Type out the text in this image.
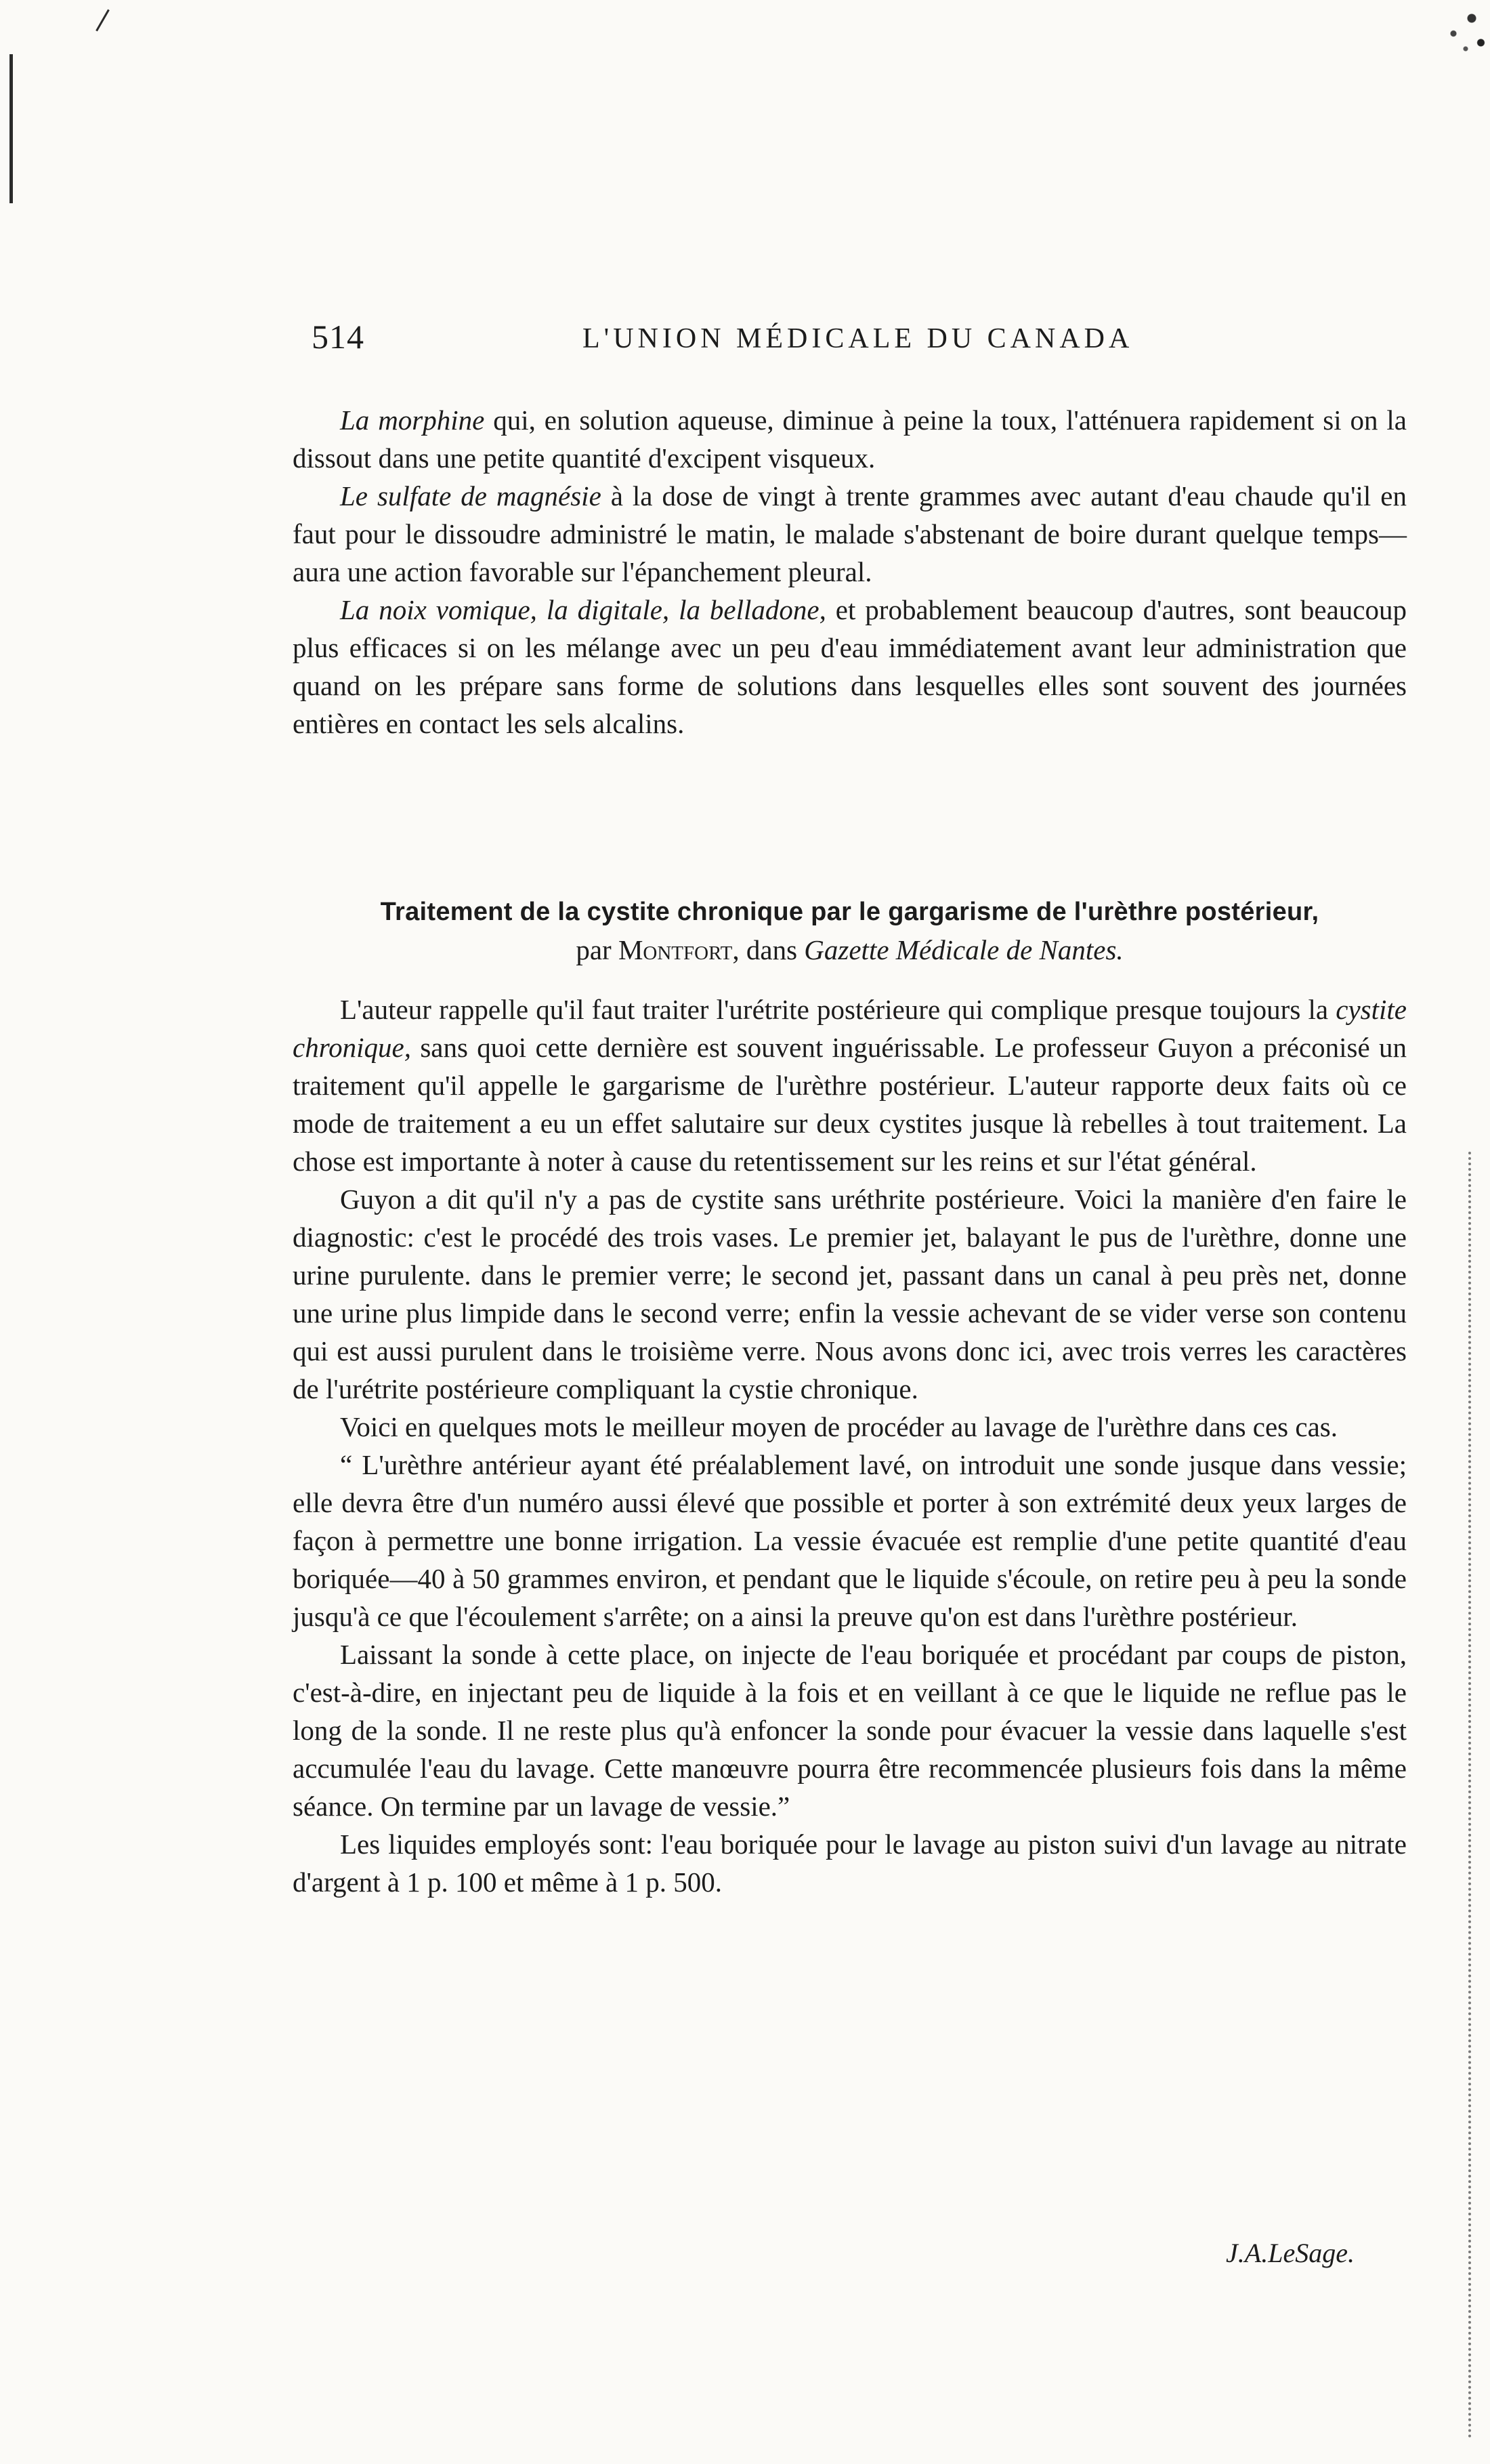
514	L'UNION MÉDICALE DU CANADA

La morphine qui, en solution aqueuse, diminue à peine la toux, l'atténuera rapidement si on la dissout dans une petite quantité d'excipent visqueux.

Le sulfate de magnésie à la dose de vingt à trente grammes avec autant d'eau chaude qu'il en faut pour le dissoudre administré le matin, le malade s'abstenant de boire durant quelque temps—aura une action favorable sur l'épanchement pleural.

La noix vomique, la digitale, la belladone, et probablement beaucoup d'autres, sont beaucoup plus efficaces si on les mélange avec un peu d'eau immédiatement avant leur administration que quand on les prépare sans forme de solutions dans lesquelles elles sont souvent des journées entières en contact les sels alcalins.

Traitement de la cystite chronique par le gargarisme de l'urèthre postérieur,
par Montfort, dans Gazette Médicale de Nantes.

L'auteur rappelle qu'il faut traiter l'urétrite postérieure qui complique presque toujours la cystite chronique, sans quoi cette dernière est souvent inguérissable. Le professeur Guyon a préconisé un traitement qu'il appelle le gargarisme de l'urèthre postérieur. L'auteur rapporte deux faits où ce mode de traitement a eu un effet salutaire sur deux cystites jusque là rebelles à tout traitement. La chose est importante à noter à cause du retentissement sur les reins et sur l'état général.

Guyon a dit qu'il n'y a pas de cystite sans uréthrite postérieure. Voici la manière d'en faire le diagnostic: c'est le procédé des trois vases. Le premier jet, balayant le pus de l'urèthre, donne une urine purulente. dans le premier verre; le second jet, passant dans un canal à peu près net, donne une urine plus limpide dans le second verre; enfin la vessie achevant de se vider verse son contenu qui est aussi purulent dans le troisième verre. Nous avons donc ici, avec trois verres les caractères de l'urétrite postérieure compliquant la cystie chronique.

Voici en quelques mots le meilleur moyen de procéder au lavage de l'urèthre dans ces cas.

“ L'urèthre antérieur ayant été préalablement lavé, on introduit une sonde jusque dans vessie; elle devra être d'un numéro aussi élevé que possible et porter à son extrémité deux yeux larges de façon à permettre une bonne irrigation. La vessie évacuée est remplie d'une petite quantité d'eau boriquée—40 à 50 grammes environ, et pendant que le liquide s'écoule, on retire peu à peu la sonde jusqu'à ce que l'écoulement s'arrête; on a ainsi la preuve qu'on est dans l'urèthre postérieur.

Laissant la sonde à cette place, on injecte de l'eau boriquée et procédant par coups de piston, c'est-à-dire, en injectant peu de liquide à la fois et en veillant à ce que le liquide ne reflue pas le long de la sonde. Il ne reste plus qu'à enfoncer la sonde pour évacuer la vessie dans laquelle s'est accumulée l'eau du lavage. Cette manœuvre pourra être recommencée plusieurs fois dans la même séance. On termine par un lavage de vessie.”

Les liquides employés sont: l'eau boriquée pour le lavage au piston suivi d'un lavage au nitrate d'argent à 1 p. 100 et même à 1 p. 500.

J.A.LeSage.
